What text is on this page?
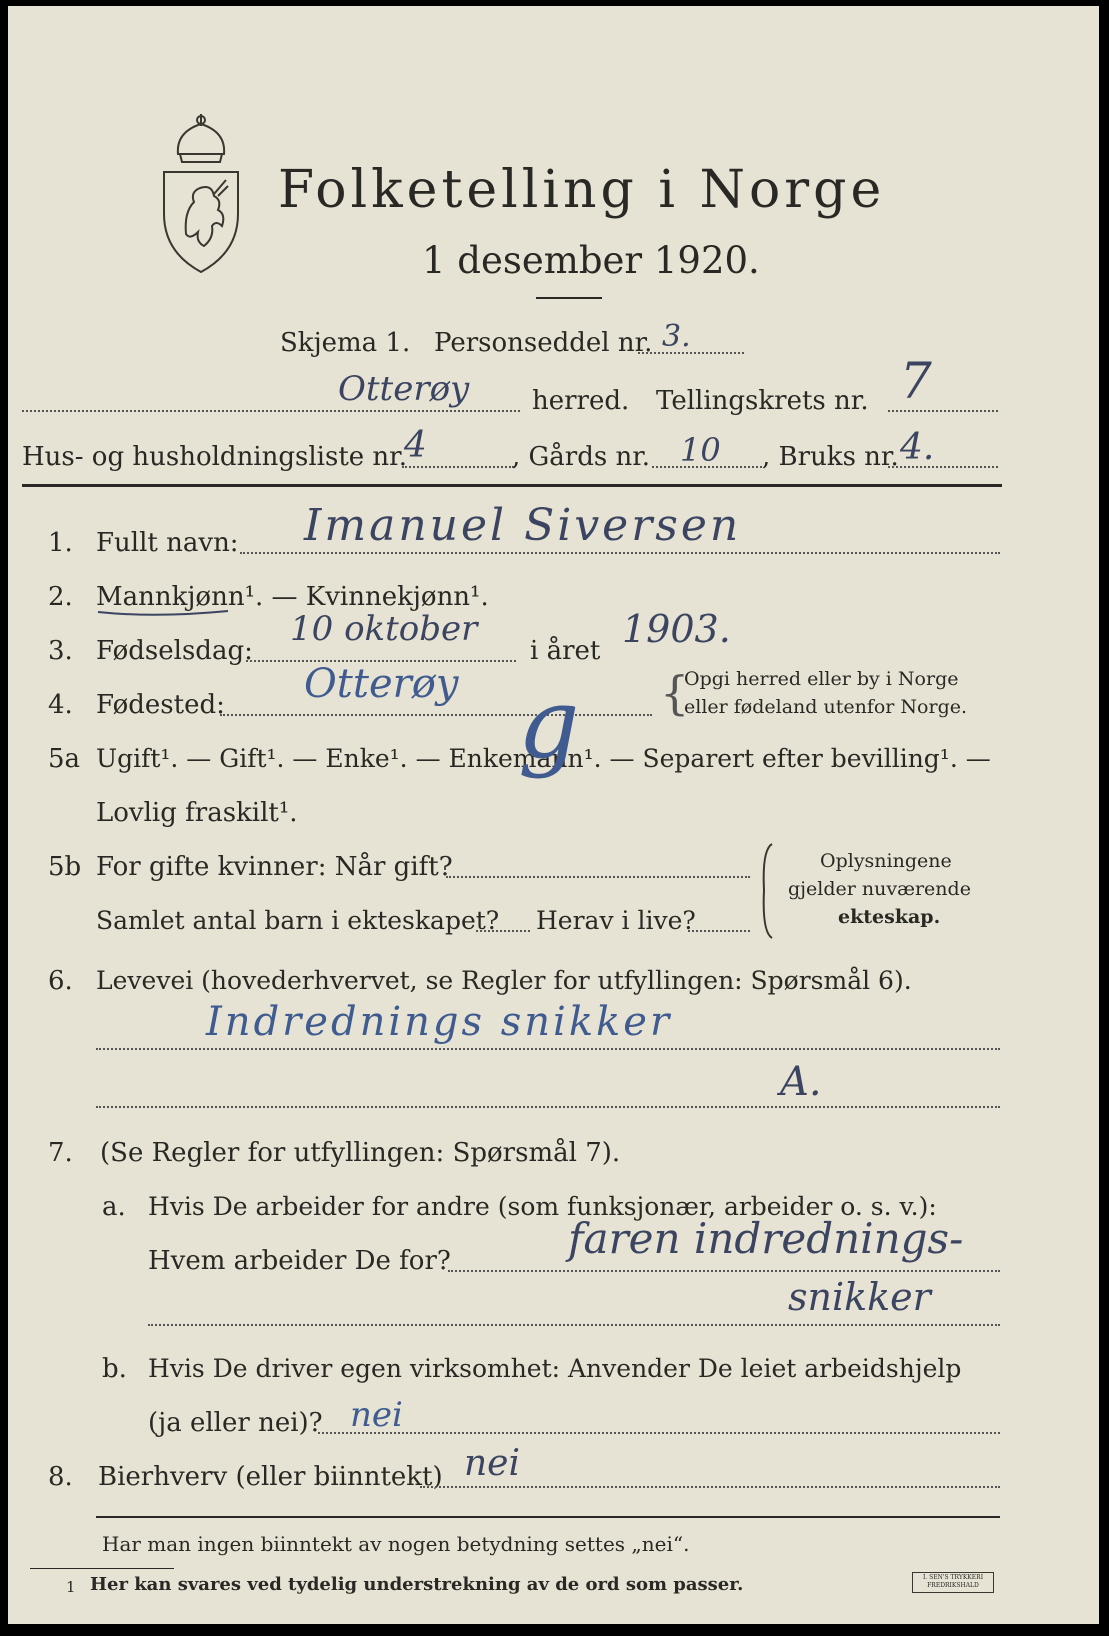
Folketelling i Norge
1 desember 1920.
Skjema 1. Personseddel nr. 3.
Otterøy herred. Tellingskrets nr. 7
Hus- og husholdningsliste nr.
4	, Gårds nr. 10 , Bruks nr. 4.
1. Fullt navn: Imanuel Siversen
2. Mannkjønn¹. — Kvinnekjønn¹.
3. Fødselsdag:
10 oktober
i året 1903.
4. Fødested: Otterøy	{
Opgi herred eller by i Norge
eller fødeland utenfor Norge.
5a Ugift¹. — Gift¹. — Enke¹. — Enkemann¹. — Separert efter bevilling¹. —
Lovlig fraskilt¹.
g
5b For gifte kvinner: Når gift?
Samlet antal barn i ekteskapet? Herav i live?
Oplysningene
gjelder nuværende
ekteskap.
6. Levevei (hovederhvervet, se Regler for utfyllingen: Spørsmål 6).
Indrednings snikker
A.
7. (Se Regler for utfyllingen: Spørsmål 7).
a. Hvis De arbeider for andre (som funksjonær, arbeider o. s. v.):
Hvem arbeider De for?	faren indrednings-
snikker
b. Hvis De driver egen virksomhet: Anvender De leiet arbeidshjelp
(ja eller nei)? nei
8. Bierhverv (eller biinntekt) nei
Har man ingen biinntekt av nogen betydning settes „nei“.
1 Her kan svares ved tydelig understrekning av de ord som passer.	I. SEN'S TRYKKERI FREDRIKSHALD
